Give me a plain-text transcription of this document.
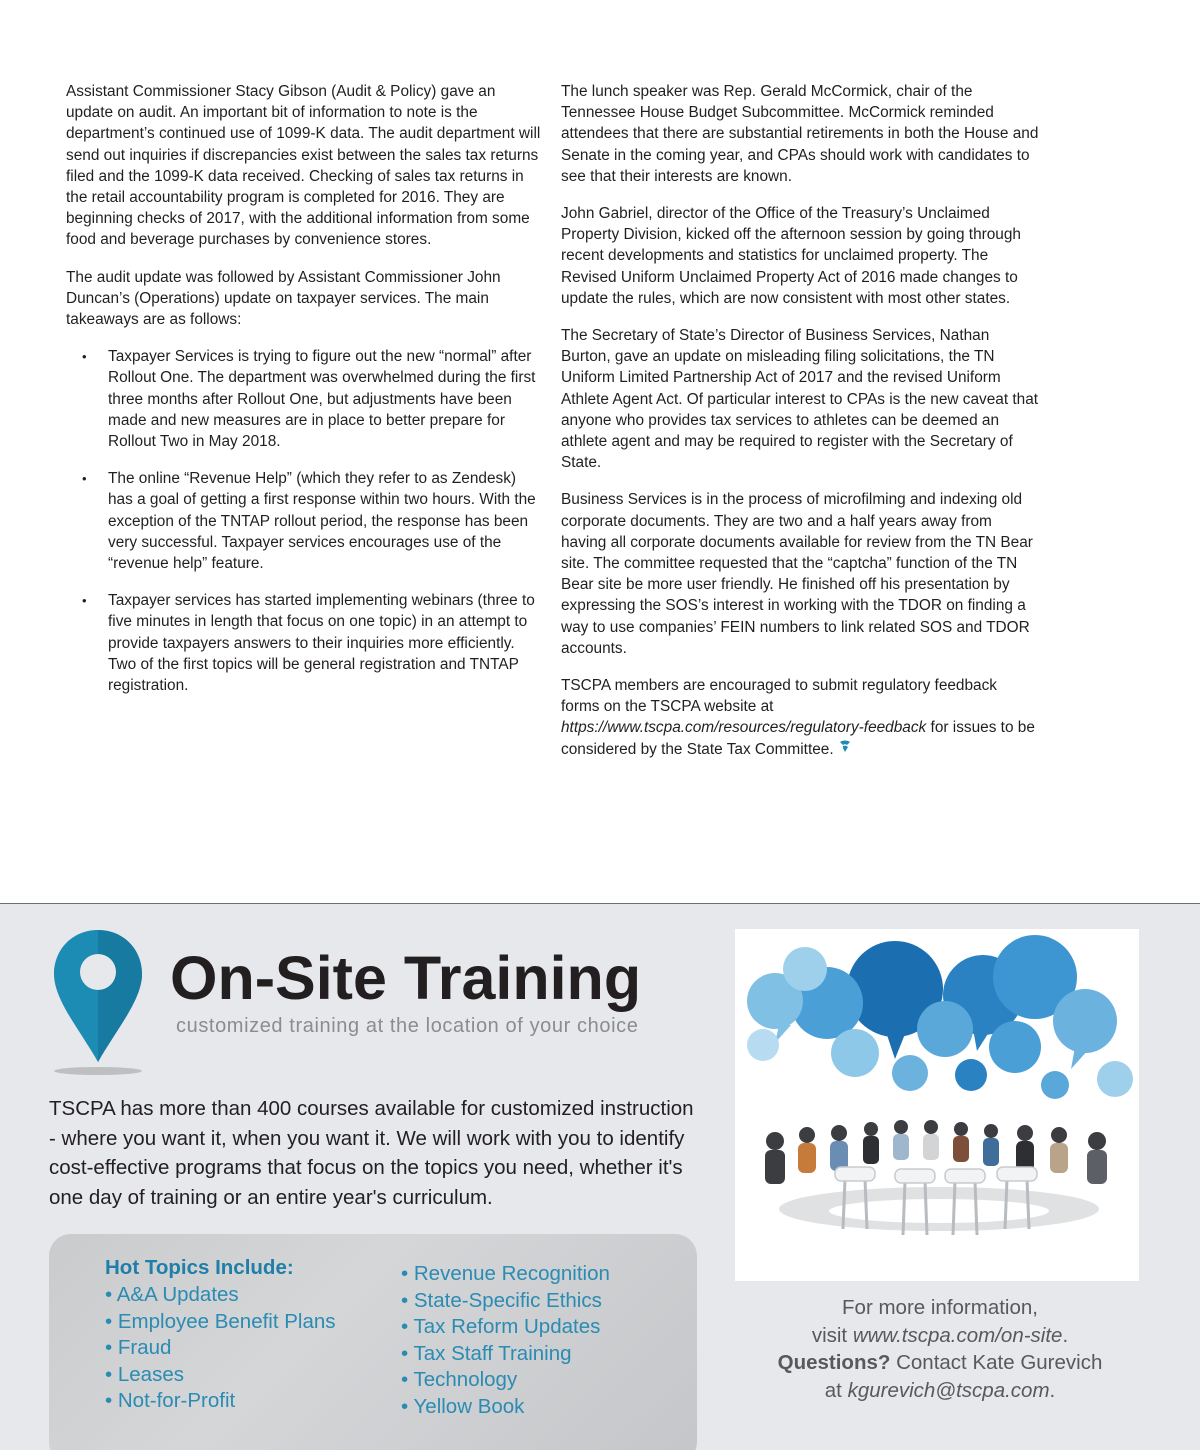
Assistant Commissioner Stacy Gibson (Audit & Policy) gave an update on audit. An important bit of information to note is the department’s continued use of 1099-K data. The audit department will send out inquiries if discrepancies exist between the sales tax returns filed and the 1099-K data received. Checking of sales tax returns in the retail accountability program is completed for 2016. They are beginning checks of 2017, with the additional information from some food and beverage purchases by convenience stores.

The audit update was followed by Assistant Commissioner John Duncan’s (Operations) update on taxpayer services. The main takeaways are as follows:

• Taxpayer Services is trying to figure out the new “normal” after Rollout One. The department was overwhelmed during the first three months after Rollout One, but adjustments have been made and new measures are in place to better prepare for Rollout Two in May 2018.
• The online “Revenue Help” (which they refer to as Zendesk) has a goal of getting a first response within two hours. With the exception of the TNTAP rollout period, the response has been very successful. Taxpayer services encourages use of the “revenue help” feature.
• Taxpayer services has started implementing webinars (three to five minutes in length that focus on one topic) in an attempt to provide taxpayers answers to their inquiries more efficiently. Two of the first topics will be general registration and TNTAP registration.

The lunch speaker was Rep. Gerald McCormick, chair of the Tennessee House Budget Subcommittee. McCormick reminded attendees that there are substantial retirements in both the House and Senate in the coming year, and CPAs should work with candidates to see that their interests are known.

John Gabriel, director of the Office of the Treasury’s Unclaimed Property Division, kicked off the afternoon session by going through recent developments and statistics for unclaimed property. The Revised Uniform Unclaimed Property Act of 2016 made changes to update the rules, which are now consistent with most other states.

The Secretary of State’s Director of Business Services, Nathan Burton, gave an update on misleading filing solicitations, the TN Uniform Limited Partnership Act of 2017 and the revised Uniform Athlete Agent Act. Of particular interest to CPAs is the new caveat that anyone who provides tax services to athletes can be deemed an athlete agent and may be required to register with the Secretary of State.

Business Services is in the process of microfilming and indexing old corporate documents. They are two and a half years away from having all corporate documents available for review from the TN Bear site. The committee requested that the “captcha” function of the TN Bear site be more user friendly. He finished off his presentation by expressing the SOS’s interest in working with the TDOR on finding a way to use companies’ FEIN numbers to link related SOS and TDOR accounts.

TSCPA members are encouraged to submit regulatory feedback forms on the TSCPA website at https://www.tscpa.com/resources/regulatory-feedback for issues to be considered by the State Tax Committee.

On-Site Training
customized training at the location of your choice
TSCPA has more than 400 courses available for customized instruction - where you want it, when you want it. We will work with you to identify cost-effective programs that focus on the topics you need, whether it's one day of training or an entire year's curriculum.
Hot Topics Include:
• A&A Updates
• Employee Benefit Plans
• Fraud
• Leases
• Not-for-Profit
• Revenue Recognition
• State-Specific Ethics
• Tax Reform Updates
• Tax Staff Training
• Technology
• Yellow Book
For more information,
visit www.tscpa.com/on-site.
Questions? Contact Kate Gurevich
at kgurevich@tscpa.com.
